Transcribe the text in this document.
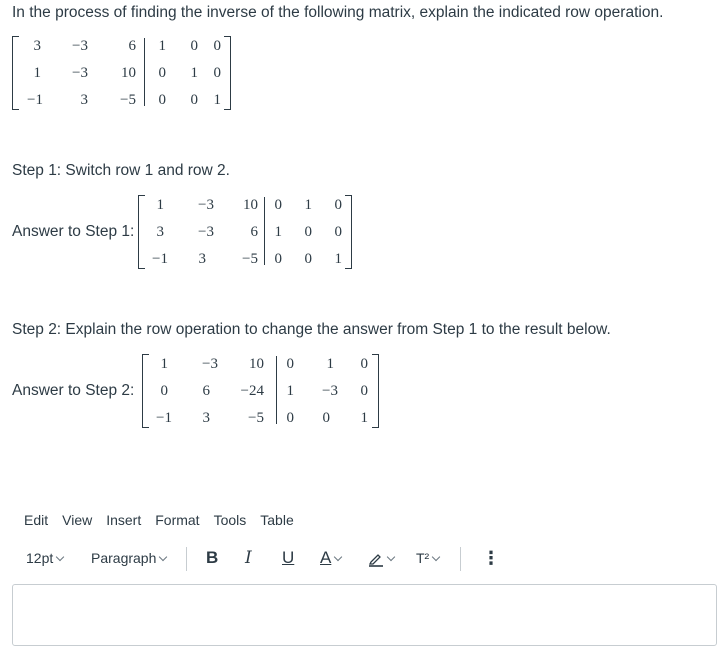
In the process of finding the inverse of the following matrix, explain the indicated row operation.
3	−3	6	1	0	0
1	−3	10	0	1	0
−1	3	−5	0	0	1
Step 1: Switch row 1 and row 2.
Answer to Step 1:
1	−3	10	0	1	0
3	−3	6	1	0	0
−1	3	−5	0	0	1
Step 2: Explain the row operation to change the answer from Step 1 to the result below.
Answer to Step 2:
1	−3	10	0	1	0
0	6	−24	1	−3	0
−1	3	−5	0	0	1
Edit View Insert Format Tools Table
12pt	Paragraph	B I U A	T²	⋮
